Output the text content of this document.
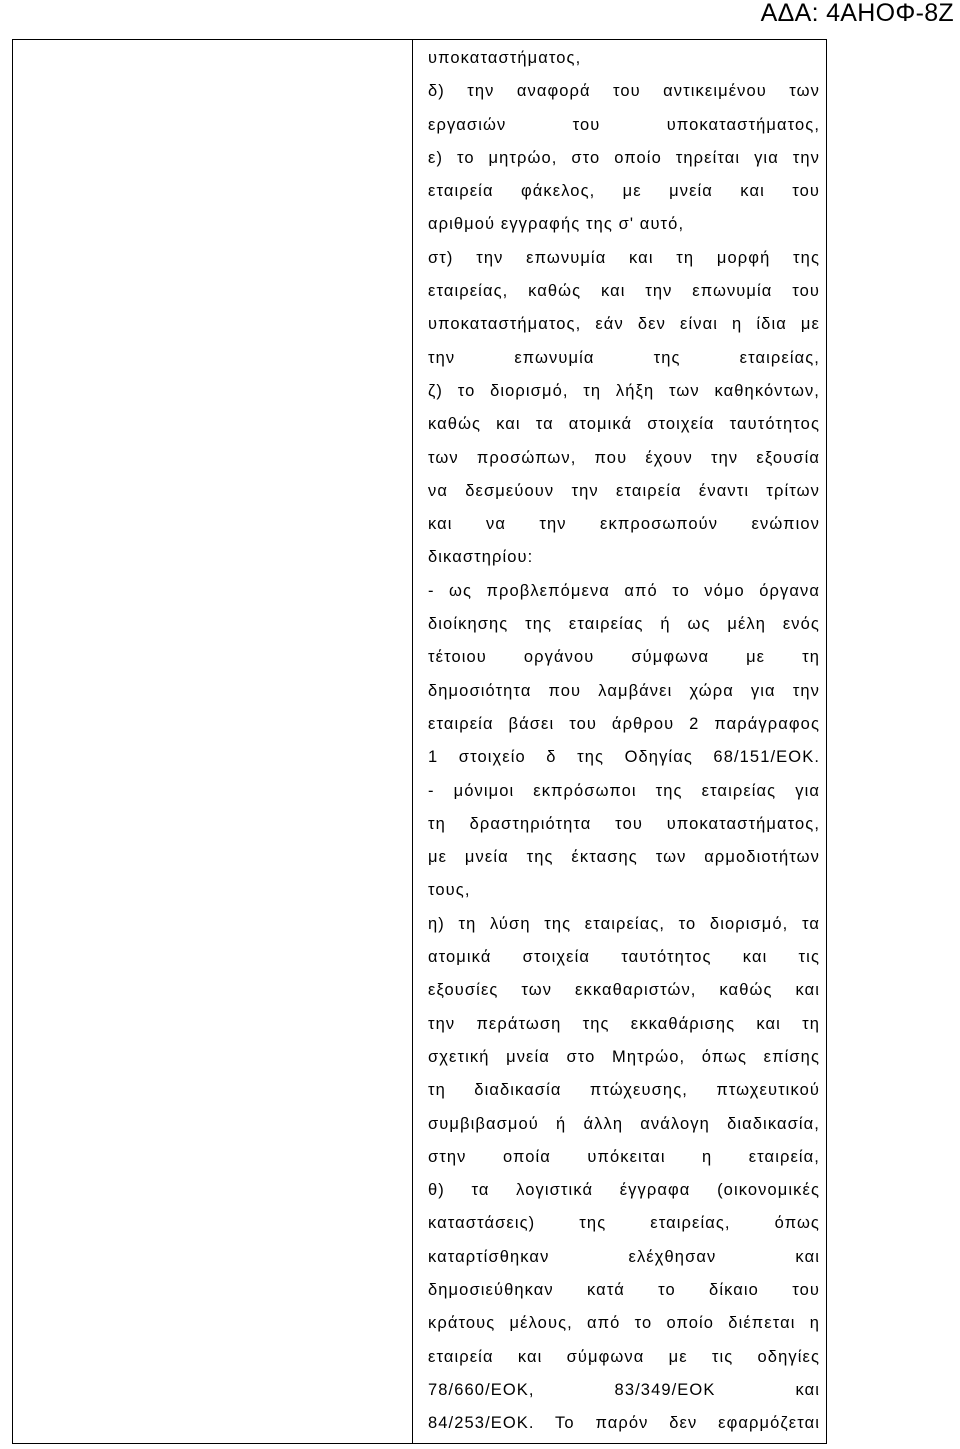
ΑΔΑ: 4ΑΗΟΦ-8Ζ
υποκαταστήματος,
δ) την αναφορά του αντικειμένου των
εργασιών του υποκαταστήματος,
ε) το μητρώο, στο οποίο τηρείται για την
εταιρεία φάκελος, με μνεία και του
αριθμού εγγραφής της σ' αυτό,
στ) την επωνυμία και τη μορφή της
εταιρείας, καθώς και την επωνυμία του
υποκαταστήματος, εάν δεν είναι η ίδια με
την επωνυμία της εταιρείας,
ζ) το διορισμό, τη λήξη των καθηκόντων,
καθώς και τα ατομικά στοιχεία ταυτότητος
των προσώπων, που έχουν την εξουσία
να δεσμεύουν την εταιρεία έναντι τρίτων
και να την εκπροσωπούν ενώπιον
δικαστηρίου:
- ως προβλεπόμενα από το νόμο όργανα
διοίκησης της εταιρείας ή ως μέλη ενός
τέτοιου οργάνου σύμφωνα με τη
δημοσιότητα που λαμβάνει χώρα για την
εταιρεία βάσει του άρθρου 2 παράγραφος
1 στοιχείο δ της Οδηγίας 68/151/ΕΟΚ.
- μόνιμοι εκπρόσωποι της εταιρείας για
τη δραστηριότητα του υποκαταστήματος,
με μνεία της έκτασης των αρμοδιοτήτων
τους,
η) τη λύση της εταιρείας, το διορισμό, τα
ατομικά στοιχεία ταυτότητος και τις
εξουσίες των εκκαθαριστών, καθώς και
την περάτωση της εκκαθάρισης και τη
σχετική μνεία στο Μητρώο, όπως επίσης
τη διαδικασία πτώχευσης, πτωχευτικού
συμβιβασμού ή άλλη ανάλογη διαδικασία,
στην οποία υπόκειται η εταιρεία,
θ) τα λογιστικά έγγραφα (οικονομικές
καταστάσεις) της εταιρείας, όπως
καταρτίσθηκαν ελέχθησαν και
δημοσιεύθηκαν κατά το δίκαιο του
κράτους μέλους, από το οποίο διέπεται η
εταιρεία και σύμφωνα με τις οδηγίες
78/660/ΕΟΚ, 83/349/ΕΟΚ και
84/253/ΕΟΚ. Το παρόν δεν εφαρμόζεται
